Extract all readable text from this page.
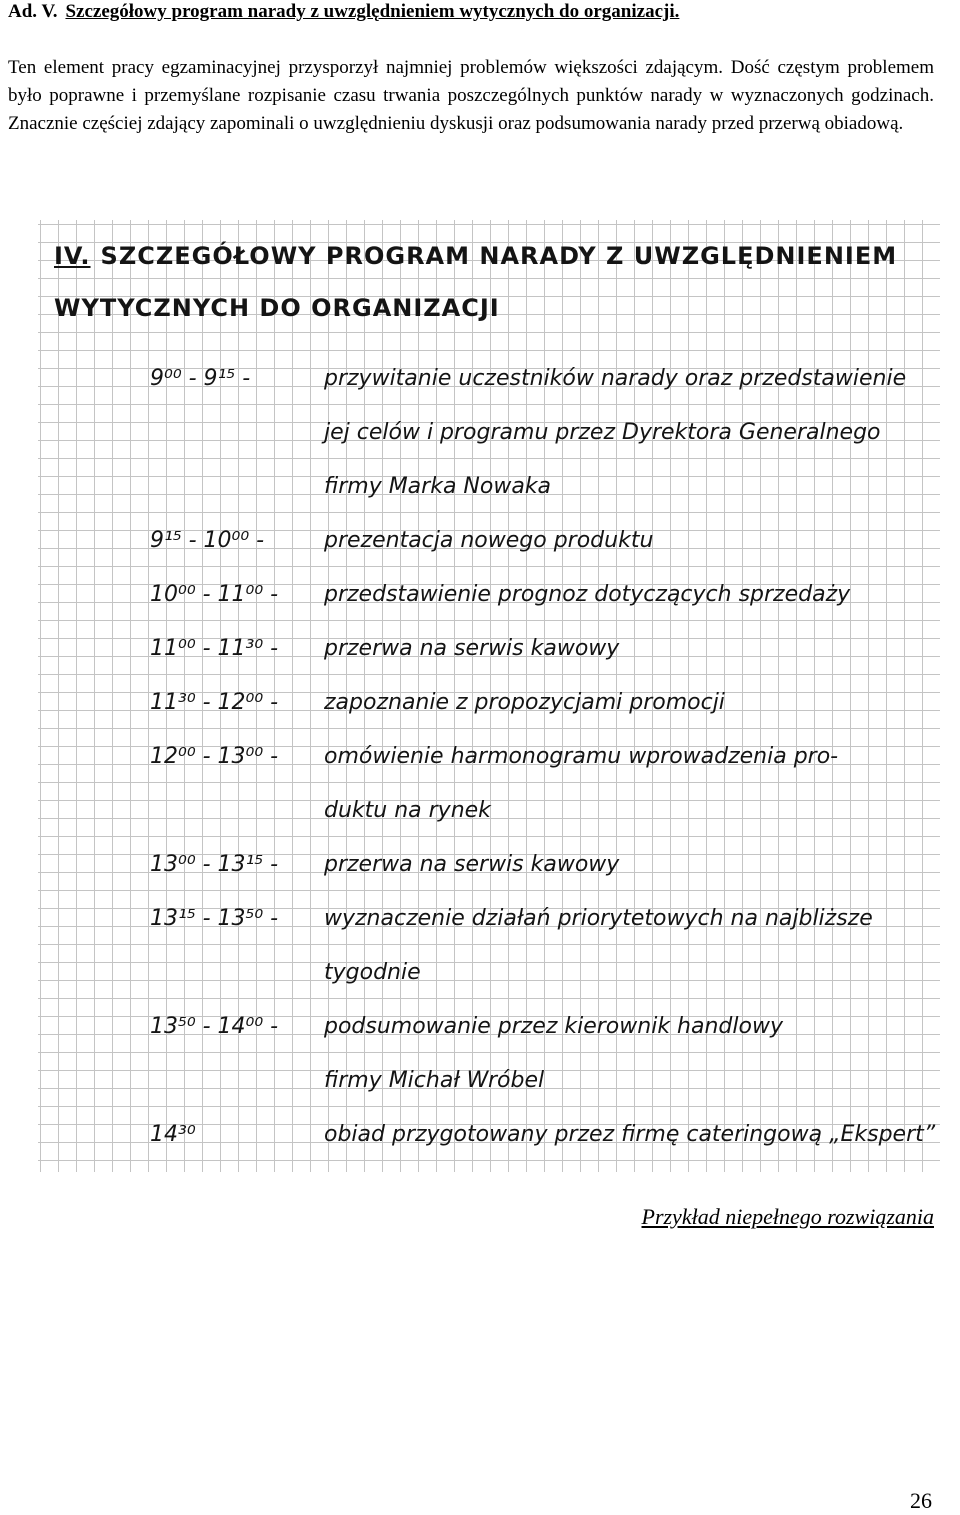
Ad. V. Szczegółowy program narady z uwzględnieniem wytycznych do organizacji.

Ten element pracy egzaminacyjnej przysporzył najmniej problemów większości zdającym. Dość częstym problemem było poprawne i przemyślane rozpisanie czasu trwania poszczególnych punktów narady w wyznaczonych godzinach. Znacznie częściej zdający zapominali o uwzględnieniu dyskusji oraz podsumowania narady przed przerwą obiadową.

IV. SZCZEGÓŁOWY PROGRAM NARADY Z UWZGLĘDNIENIEM
WYTYCZNYCH DO ORGANIZACJI
9⁰⁰ - 9¹⁵ -	przywitanie uczestników narady oraz przedstawienie
jej celów i programu przez Dyrektora Generalnego
firmy Marka Nowaka
9¹⁵ - 10⁰⁰ -	prezentacja nowego produktu
10⁰⁰ - 11⁰⁰ - przedstawienie prognoz dotyczących sprzedaży
11⁰⁰ - 11³⁰ - przerwa na serwis kawowy
11³⁰ - 12⁰⁰ - zapoznanie z propozycjami promocji
12⁰⁰ - 13⁰⁰ - omówienie harmonogramu wprowadzenia pro-
duktu na rynek
13⁰⁰ - 13¹⁵ - przerwa na serwis kawowy
13¹⁵ - 13⁵⁰ - wyznaczenie działań priorytetowych na najbliższe
tygodnie
13⁵⁰ - 14⁰⁰ - podsumowanie przez kierownik handlowy
firmy Michał Wróbel
14³⁰	obiad przygotowany przez firmę cateringową „Ekspert”
Przykład niepełnego rozwiązania
26
